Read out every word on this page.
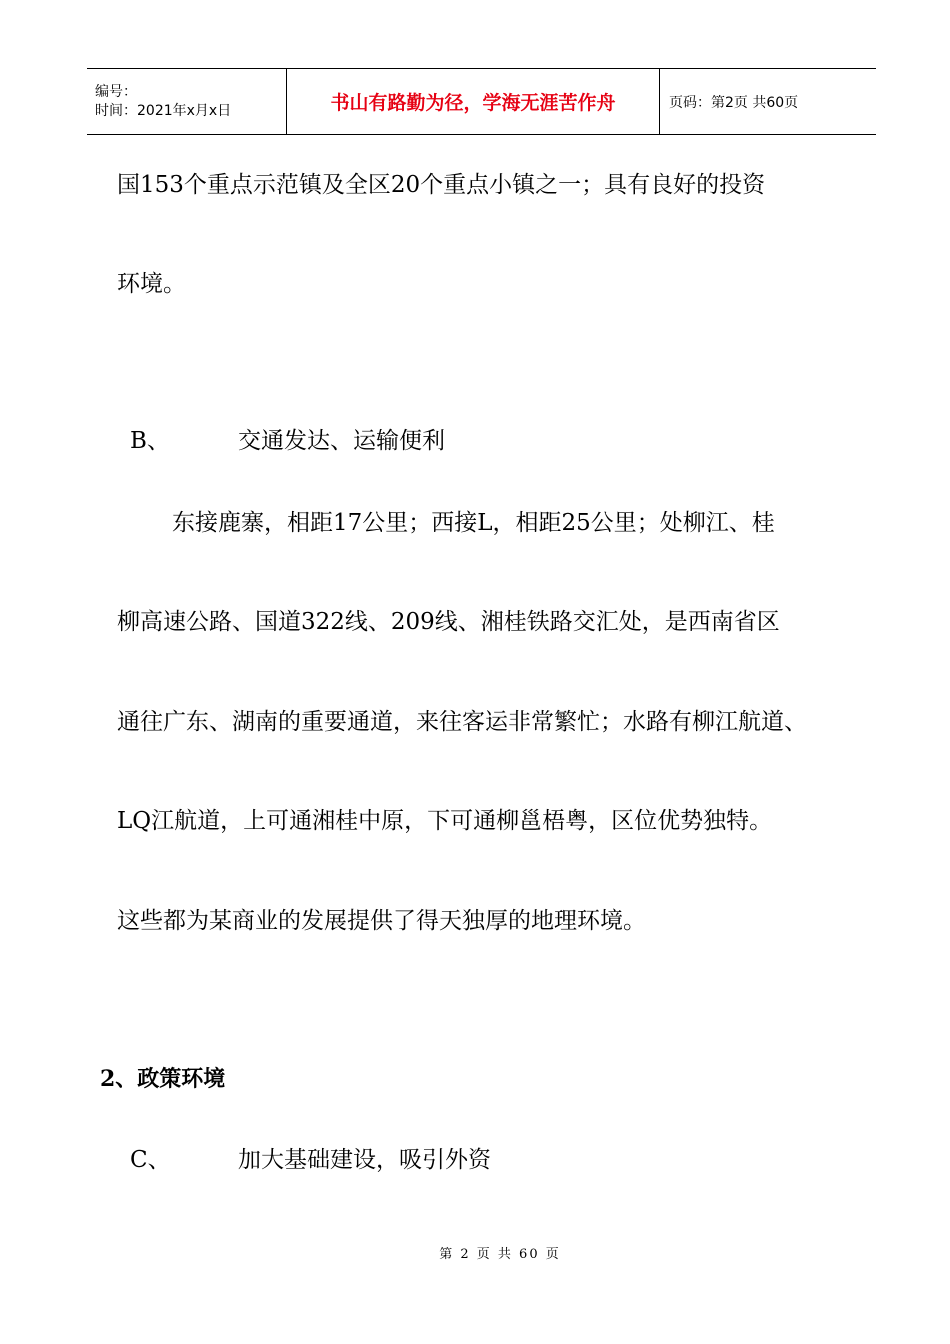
编号：
时间：2021年x月x日	书山有路勤为径，学海无涯苦作舟	页码：第2页 共60页
国153个重点示范镇及全区20个重点小镇之一；具有良好的投资
环境。
B、	交通发达、运输便利
东接鹿寨，相距17公里；西接L，相距25公里；处柳江、桂
柳高速公路、国道322线、209线、湘桂铁路交汇处，是西南省区
通往广东、湖南的重要通道，来往客运非常繁忙；水路有柳江航道、
LQ江航道，上可通湘桂中原，下可通柳邕梧粤，区位优势独特。
这些都为某商业的发展提供了得天独厚的地理环境。
2、政策环境
C、	加大基础建设，吸引外资
第 2 页 共 60 页
